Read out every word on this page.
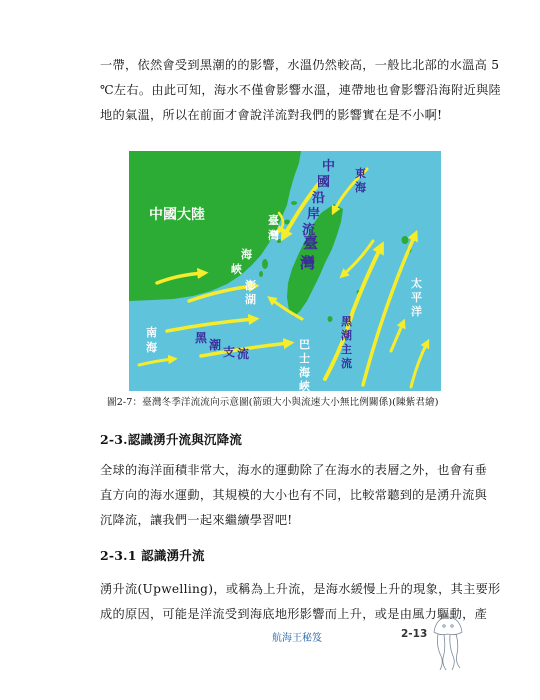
一帶，依然會受到黑潮的的影響，水溫仍然較高，一般比北部的水溫高 5
℃左右。由此可知，海水不僅會影響水溫，連帶地也會影響沿海附近與陸
地的氣溫，所以在前面才會說洋流對我們的影響實在是不小啊!

中國大陸
中
國
沿
岸
流
東
海
臺
灣
海
峽
臺
灣
澎
湖
太
平
洋
南
海
黑 潮 支 流
黑
潮
主
流
巴
士
海
峽

圖2-7：臺灣冬季洋流流向示意圖(箭頭大小與流速大小無比例關係)(陳紫君繪)

2-3.認識湧升流與沉降流

全球的海洋面積非常大，海水的運動除了在海水的表層之外，也會有垂
直方向的海水運動，其規模的大小也有不同，比較常聽到的是湧升流與
沉降流，讓我們一起來繼續學習吧!

2-3.1 認識湧升流

湧升流(Upwelling)，或稱為上升流，是海水緩慢上升的現象，其主要形
成的原因，可能是洋流受到海底地形影響而上升，或是由風力驅動，產

航海王秘笈	2-13
